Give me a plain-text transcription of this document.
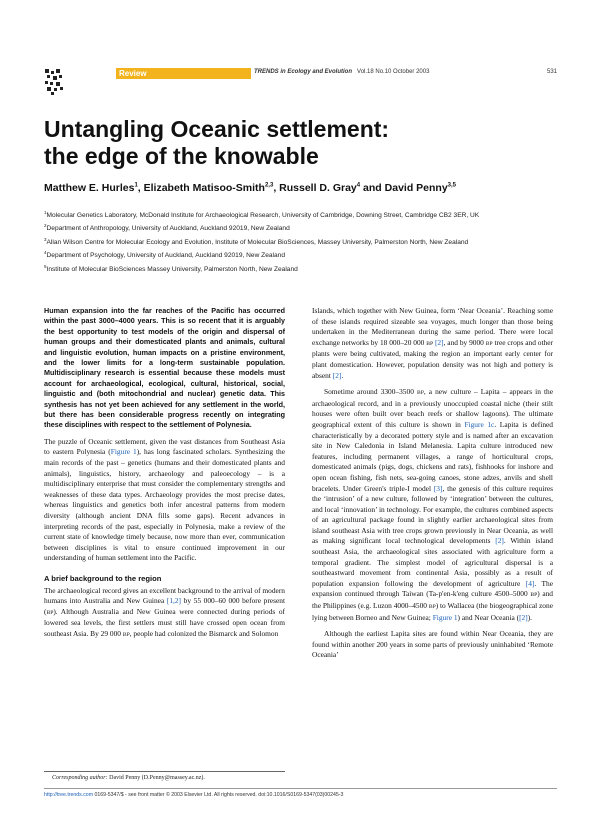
Review	TRENDS in Ecology and Evolution Vol.18 No.10 October 2003	531
Untangling Oceanic settlement:
the edge of the knowable
Matthew E. Hurles$^1$, Elizabeth Matisoo-Smith$^{2,3}$, Russell D. Gray$^4$ and David Penny$^{3,5}$
$^1$Molecular Genetics Laboratory, McDonald Institute for Archaeological Research, University of Cambridge, Downing Street, Cambridge CB2 3ER, UK
$^2$Department of Anthropology, University of Auckland, Auckland 92019, New Zealand
$^3$Allan Wilson Centre for Molecular Ecology and Evolution, Institute of Molecular BioSciences, Massey University, Palmerston North, New Zealand
$^4$Department of Psychology, University of Auckland, Auckland 92019, New Zealand
$^5$Institute of Molecular BioSciences Massey University, Palmerston North, New Zealand

Human expansion into the far reaches of the Pacific has occurred within the past 3000–4000 years. This is so recent that it is arguably the best opportunity to test models of the origin and dispersal of human groups and their domesticated plants and animals, cultural and linguistic evolution, human impacts on a pristine environment, and the lower limits for a long-term sustainable population. Multidisciplinary research is essential because these models must account for archaeological, ecological, cultural, historical, social, linguistic and (both mitochondrial and nuclear) genetic data. This synthesis has not yet been achieved for any settlement in the world, but there has been considerable progress recently on integrating these disciplines with respect to the settlement of Polynesia.

The puzzle of Oceanic settlement, given the vast distances from Southeast Asia to eastern Polynesia (Figure 1), has long fascinated scholars. Synthesizing the main records of the past – genetics (humans and their domesticated plants and animals), linguistics, history, archaeology and paleoecology – is a multidisciplinary enterprise that must consider the complementary strengths and weaknesses of these data types. Archaeology provides the most precise dates, whereas linguistics and genetics both infer ancestral patterns from modern diversity (although ancient DNA fills some gaps). Recent advances in interpreting records of the past, especially in Polynesia, make a review of the current state of knowledge timely because, now more than ever, communication between disciplines is vital to ensure continued improvement in our understanding of human settlement into the Pacific.

A brief background to the region

The archaeological record gives an excellent background to the arrival of modern humans into Australia and New Guinea [1,2] by 55 000–60 000 before present (BP). Although Australia and New Guinea were connected during periods of lowered sea levels, the first settlers must still have crossed open ocean from southeast Asia. By 29 000 BP, people had colonized the Bismarck and Solomon

Islands, which together with New Guinea, form ‘Near Oceania’. Reaching some of these islands required sizeable sea voyages, much longer than those being undertaken in the Mediterranean during the same period. There were local exchange networks by 18 000–20 000 BP [2], and by 9000 BP tree crops and other plants were being cultivated, making the region an important early center for plant domestication. However, population density was not high and pottery is absent [2].

Sometime around 3300–3500 BP, a new culture – Lapita – appears in the archaeological record, and in a previously unoccupied coastal niche (their stilt houses were often built over beach reefs or shallow lagoons). The ultimate geographical extent of this culture is shown in Figure 1c. Lapita is defined characteristically by a decorated pottery style and is named after an excavation site in New Caledonia in Island Melanesia. Lapita culture introduced new features, including permanent villages, a range of horticultural crops, domesticated animals (pigs, dogs, chickens and rats), fishhooks for inshore and open ocean fishing, fish nets, sea-going canoes, stone adzes, anvils and shell bracelets. Under Green's triple-I model [3], the genesis of this culture requires the ‘intrusion’ of a new culture, followed by ‘integration’ between the cultures, and local ‘innovation’ in technology. For example, the cultures combined aspects of an agricultural package found in slightly earlier archaeological sites from island southeast Asia with tree crops grown previously in Near Oceania, as well as making significant local technological developments [2]. Within island southeast Asia, the archaeological sites associated with agriculture form a temporal gradient. The simplest model of agricultural dispersal is a southeastward movement from continental Asia, possibly as a result of population expansion following the development of agriculture [4]. The expansion continued through Taiwan (Ta-p'en-k'eng culture 4500–5000 BP) and the Philippines (e.g. Luzon 4000–4500 BP) to Wallacea (the biogeographical zone lying between Borneo and New Guinea; Figure 1) and Near Oceania ([2]).

Although the earliest Lapita sites are found within Near Oceania, they are found within another 200 years in some parts of previously uninhabited ‘Remote Oceania’

Corresponding author: David Penny (D.Penny@massey.ac.nz).
http://tree.trends.com 0169-5347/$ - see front matter © 2003 Elsevier Ltd. All rights reserved. doi:10.1016/S0169-5347(03)00245-3
